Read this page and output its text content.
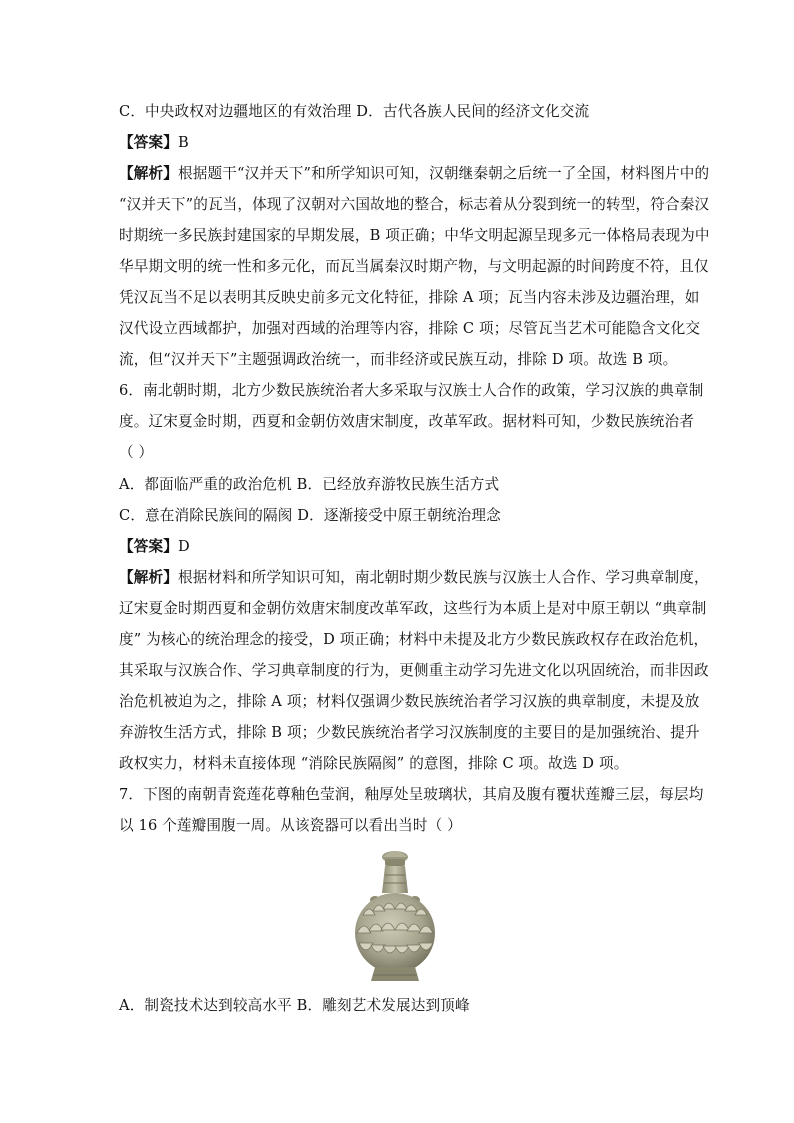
C．中央政权对边疆地区的有效治理 D．古代各族人民间的经济文化交流
【答案】B
【解析】根据题干“汉并天下”和所学知识可知，汉朝继秦朝之后统一了全国，材料图片中的
“汉并天下”的瓦当，体现了汉朝对六国故地的整合，标志着从分裂到统一的转型，符合秦汉
时期统一多民族封建国家的早期发展，B 项正确；中华文明起源呈现多元一体格局表现为中
华早期文明的统一性和多元化，而瓦当属秦汉时期产物，与文明起源的时间跨度不符，且仅
凭汉瓦当不足以表明其反映史前多元文化特征，排除 A 项；瓦当内容未涉及边疆治理，如
汉代设立西域都护，加强对西域的治理等内容，排除 C 项；尽管瓦当艺术可能隐含文化交
流，但“汉并天下”主题强调政治统一，而非经济或民族互动，排除 D 项。故选 B 项。
6．南北朝时期，北方少数民族统治者大多采取与汉族士人合作的政策，学习汉族的典章制
度。辽宋夏金时期，西夏和金朝仿效唐宋制度，改革军政。据材料可知，少数民族统治者
（ ）
A．都面临严重的政治危机 B．已经放弃游牧民族生活方式
C．意在消除民族间的隔阂 D．逐渐接受中原王朝统治理念
【答案】D
【解析】根据材料和所学知识可知，南北朝时期少数民族与汉族士人合作、学习典章制度，
辽宋夏金时期西夏和金朝仿效唐宋制度改革军政，这些行为本质上是对中原王朝以 “典章制
度” 为核心的统治理念的接受，D 项正确；材料中未提及北方少数民族政权存在政治危机，
其采取与汉族合作、学习典章制度的行为，更侧重主动学习先进文化以巩固统治，而非因政
治危机被迫为之，排除 A 项；材料仅强调少数民族统治者学习汉族的典章制度，未提及放
弃游牧生活方式，排除 B 项；少数民族统治者学习汉族制度的主要目的是加强统治、提升
政权实力，材料未直接体现 “消除民族隔阂” 的意图，排除 C 项。故选 D 项。
7．下图的南朝青瓷莲花尊釉色莹润，釉厚处呈玻璃状，其肩及腹有覆状莲瓣三层，每层均
以 16 个莲瓣围腹一周。从该瓷器可以看出当时（ ）
A．制瓷技术达到较高水平 B．雕刻艺术发展达到顶峰
